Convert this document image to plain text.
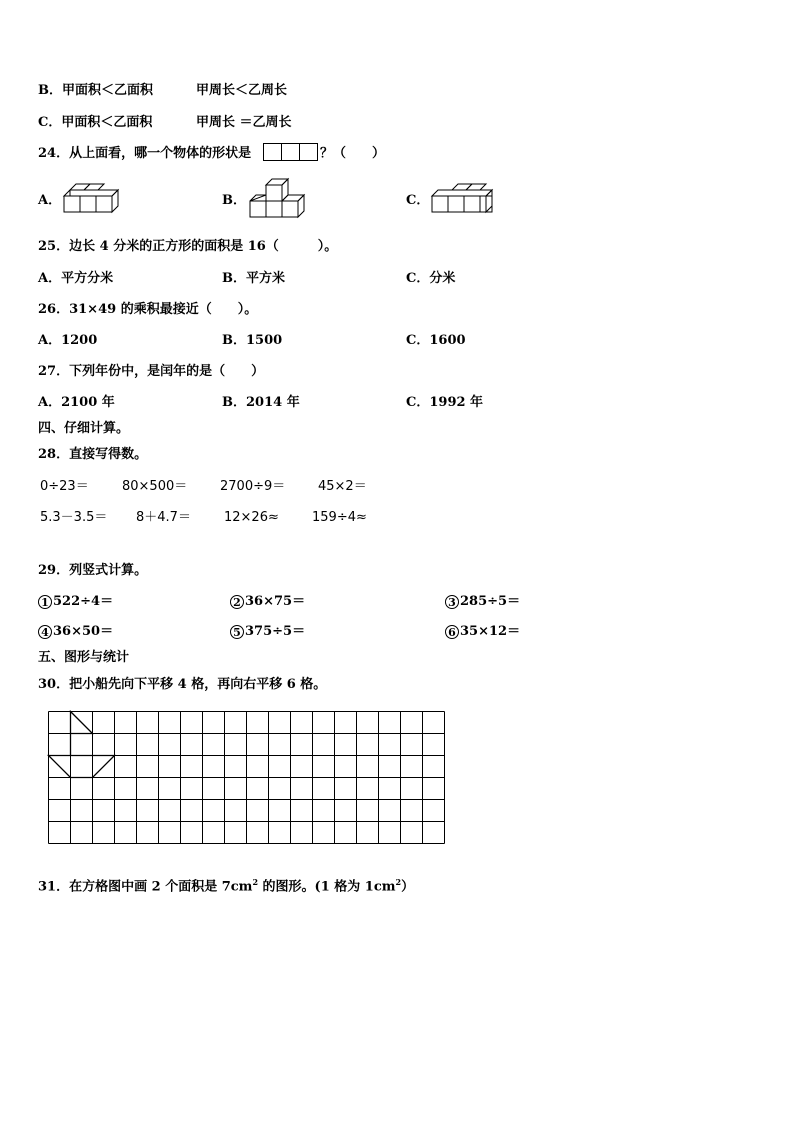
B．甲面积＜乙面积	甲周长＜乙周长
C．甲面积＜乙面积	甲周长 ＝乙周长
24．从上面看，哪一个物体的形状是	？（　　）
A．	B．	C．
25．边长 4 分米的正方形的面积是 16（　　　）。
A．平方分米	B．平方米	C．分米
26．31×49 的乘积最接近（　　）。
A．1200	B．1500	C．1600
27．下列年份中，是闰年的是（　　）
A．2100 年	B．2014 年	C．1992 年
四、仔细计算。
28．直接写得数。
0÷23＝	80×500＝	2700÷9＝	45×2＝
5.3－3.5＝ 8＋4.7＝	12×26≈	159÷4≈
29．列竖式计算。
1 522÷4＝	2 36×75＝	3 285÷5＝
4 36×50＝	5 375÷5＝	6 35×12＝
五、图形与统计
30．把小船先向下平移 4 格，再向右平移 6 格。
31．在方格图中画 2 个面积是 $7cm^2$ 的图形。(1 格为 $1cm^2$）
